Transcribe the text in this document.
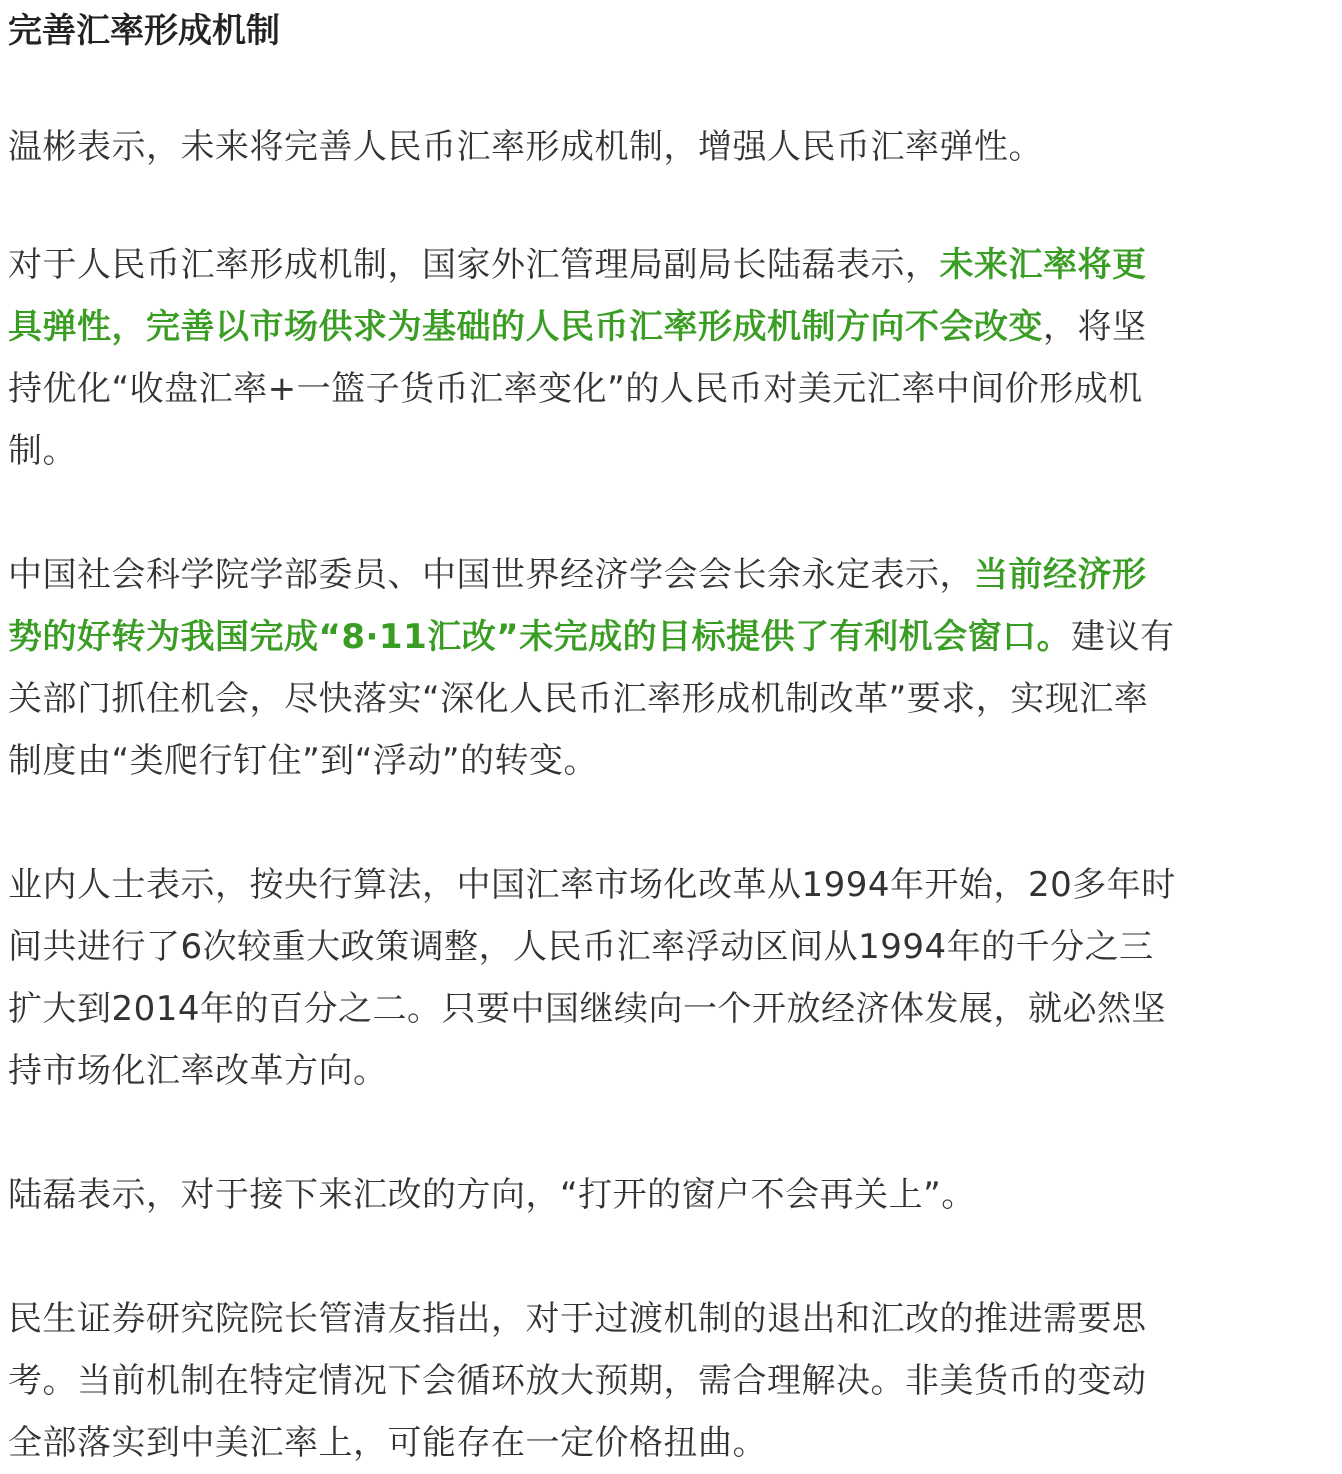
完善汇率形成机制

温彬表示，未来将完善人民币汇率形成机制，增强人民币汇率弹性。

对于人民币汇率形成机制，国家外汇管理局副局长陆磊表示，未来汇率将更
具弹性，完善以市场供求为基础的人民币汇率形成机制方向不会改变，将坚
持优化“收盘汇率+一篮子货币汇率变化”的人民币对美元汇率中间价形成机
制。

中国社会科学院学部委员、中国世界经济学会会长余永定表示，当前经济形
势的好转为我国完成“8·11汇改”未完成的目标提供了有利机会窗口。建议有
关部门抓住机会，尽快落实“深化人民币汇率形成机制改革”要求，实现汇率
制度由“类爬行钉住”到“浮动”的转变。

业内人士表示，按央行算法，中国汇率市场化改革从1994年开始，20多年时
间共进行了6次较重大政策调整，人民币汇率浮动区间从1994年的千分之三
扩大到2014年的百分之二。只要中国继续向一个开放经济体发展，就必然坚
持市场化汇率改革方向。

陆磊表示，对于接下来汇改的方向，“打开的窗户不会再关上”。

民生证券研究院院长管清友指出，对于过渡机制的退出和汇改的推进需要思
考。当前机制在特定情况下会循环放大预期，需合理解决。非美货币的变动
全部落实到中美汇率上，可能存在一定价格扭曲。
